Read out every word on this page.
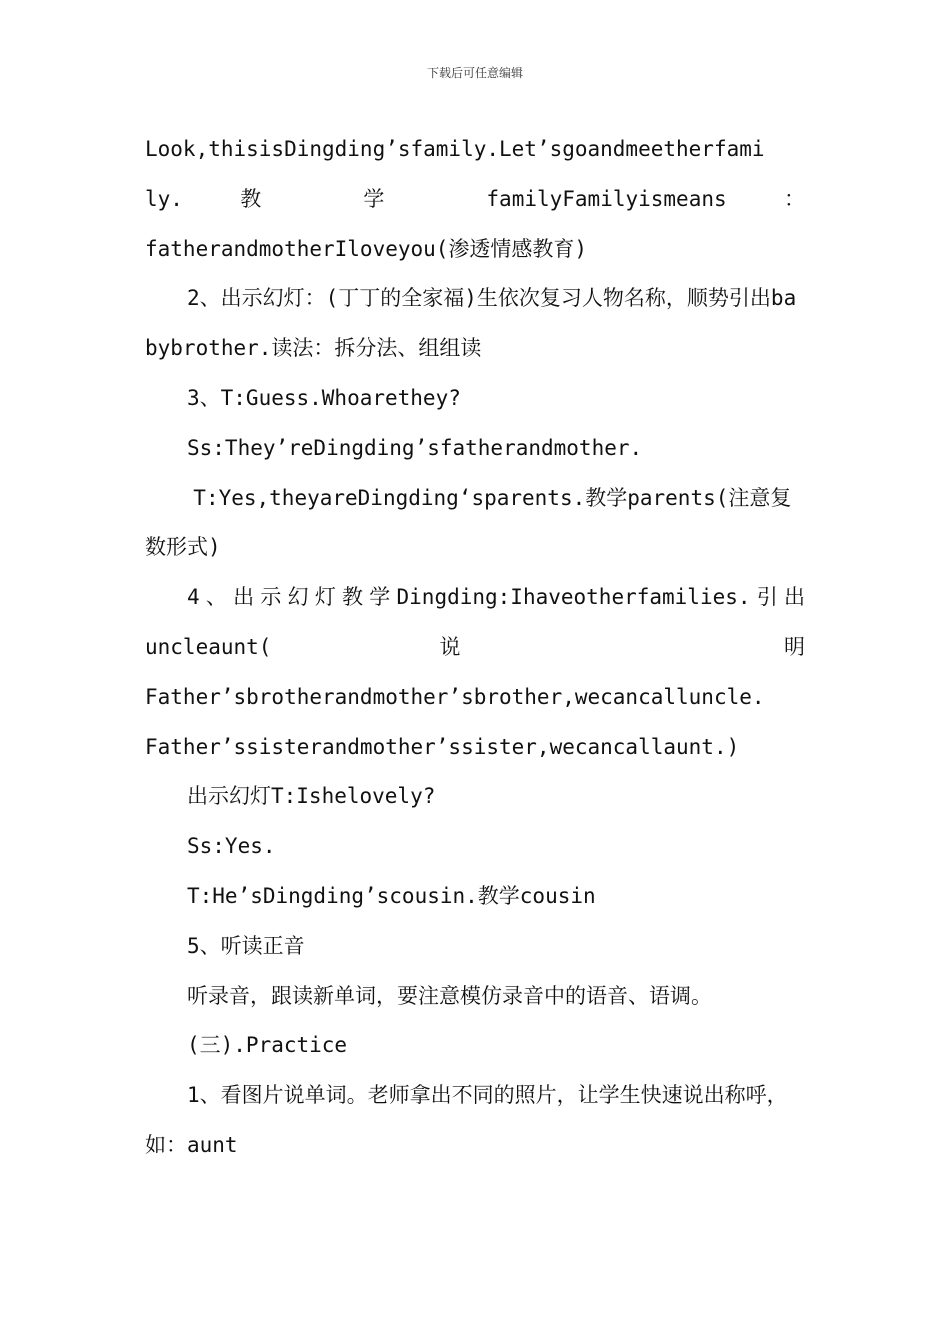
下载后可任意编辑

Look,thisisDingding’sfamily.Let’sgoandmeetherfami
ly. 教 学 familyFamilyismeans ：
fatherandmotherIloveyou(渗透情感教育)

2、出示幻灯：(丁丁的全家福)生依次复习人物名称，顺势引出babybrother.读法：拆分法、组组读

3、T:Guess.Whoarethey?

Ss:They’reDingding’sfatherandmother.

T:Yes,theyareDingding‘sparents.教学parents(注意复数形式)

4、出示幻灯教学Dingding:Ihaveotherfamilies.引出
uncleaunt( 说 明
Father’sbrotherandmother’sbrother,wecancalluncle.
Father’ssisterandmother’ssister,wecancallaunt.)

出示幻灯T:Ishelovely?

Ss:Yes.

T:He’sDingding’scousin.教学cousin

5、听读正音

听录音，跟读新单词，要注意模仿录音中的语音、语调。

(三).Practice

1、看图片说单词。老师拿出不同的照片，让学生快速说出称呼，如：aunt
